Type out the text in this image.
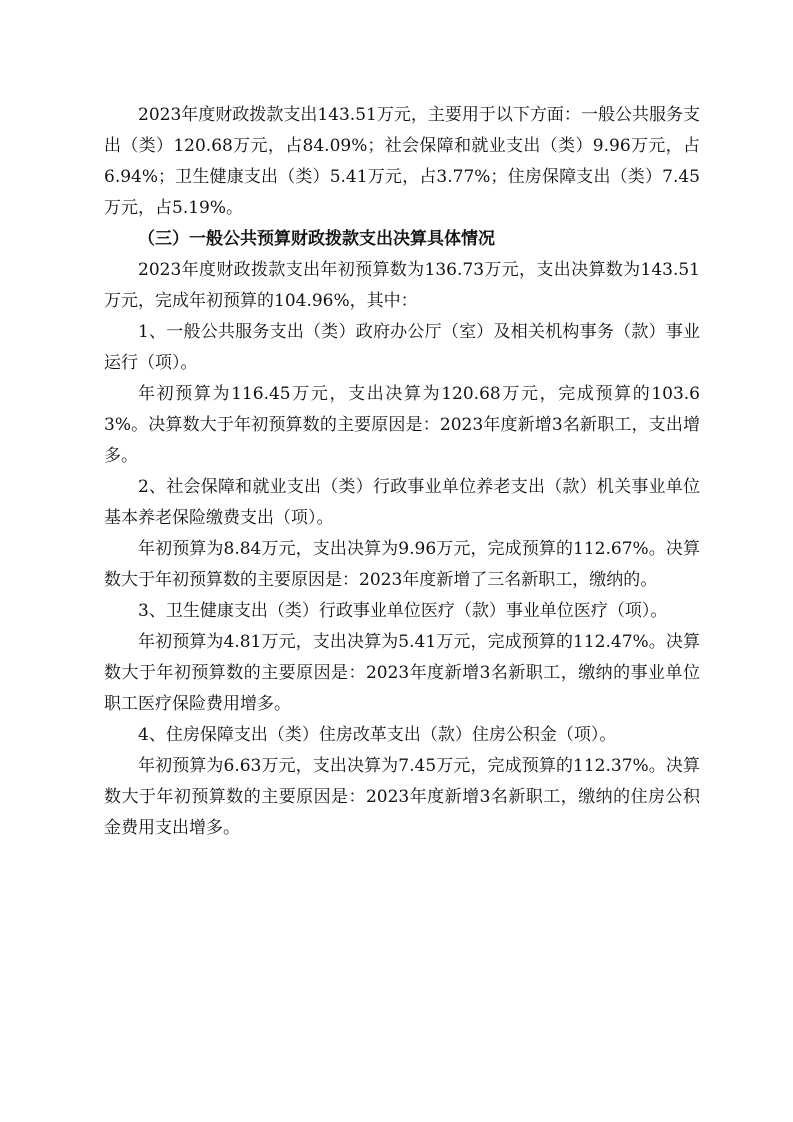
2023年度财政拨款支出143.51万元，主要用于以下方面：一般公共服务支出（类）120.68万元，占84.09%；社会保障和就业支出（类）9.96万元，占6.94%；卫生健康支出（类）5.41万元，占3.77%；住房保障支出（类）7.45万元，占5.19%。

（三）一般公共预算财政拨款支出决算具体情况

2023年度财政拨款支出年初预算数为136.73万元，支出决算数为143.51万元，完成年初预算的104.96%，其中：

1、一般公共服务支出（类）政府办公厅（室）及相关机构事务（款）事业运行（项）。

年初预算为116.45万元，支出决算为120.68万元，完成预算的103.63%。决算数大于年初预算数的主要原因是：2023年度新增3名新职工，支出增多。

2、社会保障和就业支出（类）行政事业单位养老支出（款）机关事业单位基本养老保险缴费支出（项）。

年初预算为8.84万元，支出决算为9.96万元，完成预算的112.67%。决算数大于年初预算数的主要原因是：2023年度新增了三名新职工，缴纳的。

3、卫生健康支出（类）行政事业单位医疗（款）事业单位医疗（项）。

年初预算为4.81万元，支出决算为5.41万元，完成预算的112.47%。决算数大于年初预算数的主要原因是：2023年度新增3名新职工，缴纳的事业单位职工医疗保险费用增多。

4、住房保障支出（类）住房改革支出（款）住房公积金（项）。

年初预算为6.63万元，支出决算为7.45万元，完成预算的112.37%。决算数大于年初预算数的主要原因是：2023年度新增3名新职工，缴纳的住房公积金费用支出增多。
